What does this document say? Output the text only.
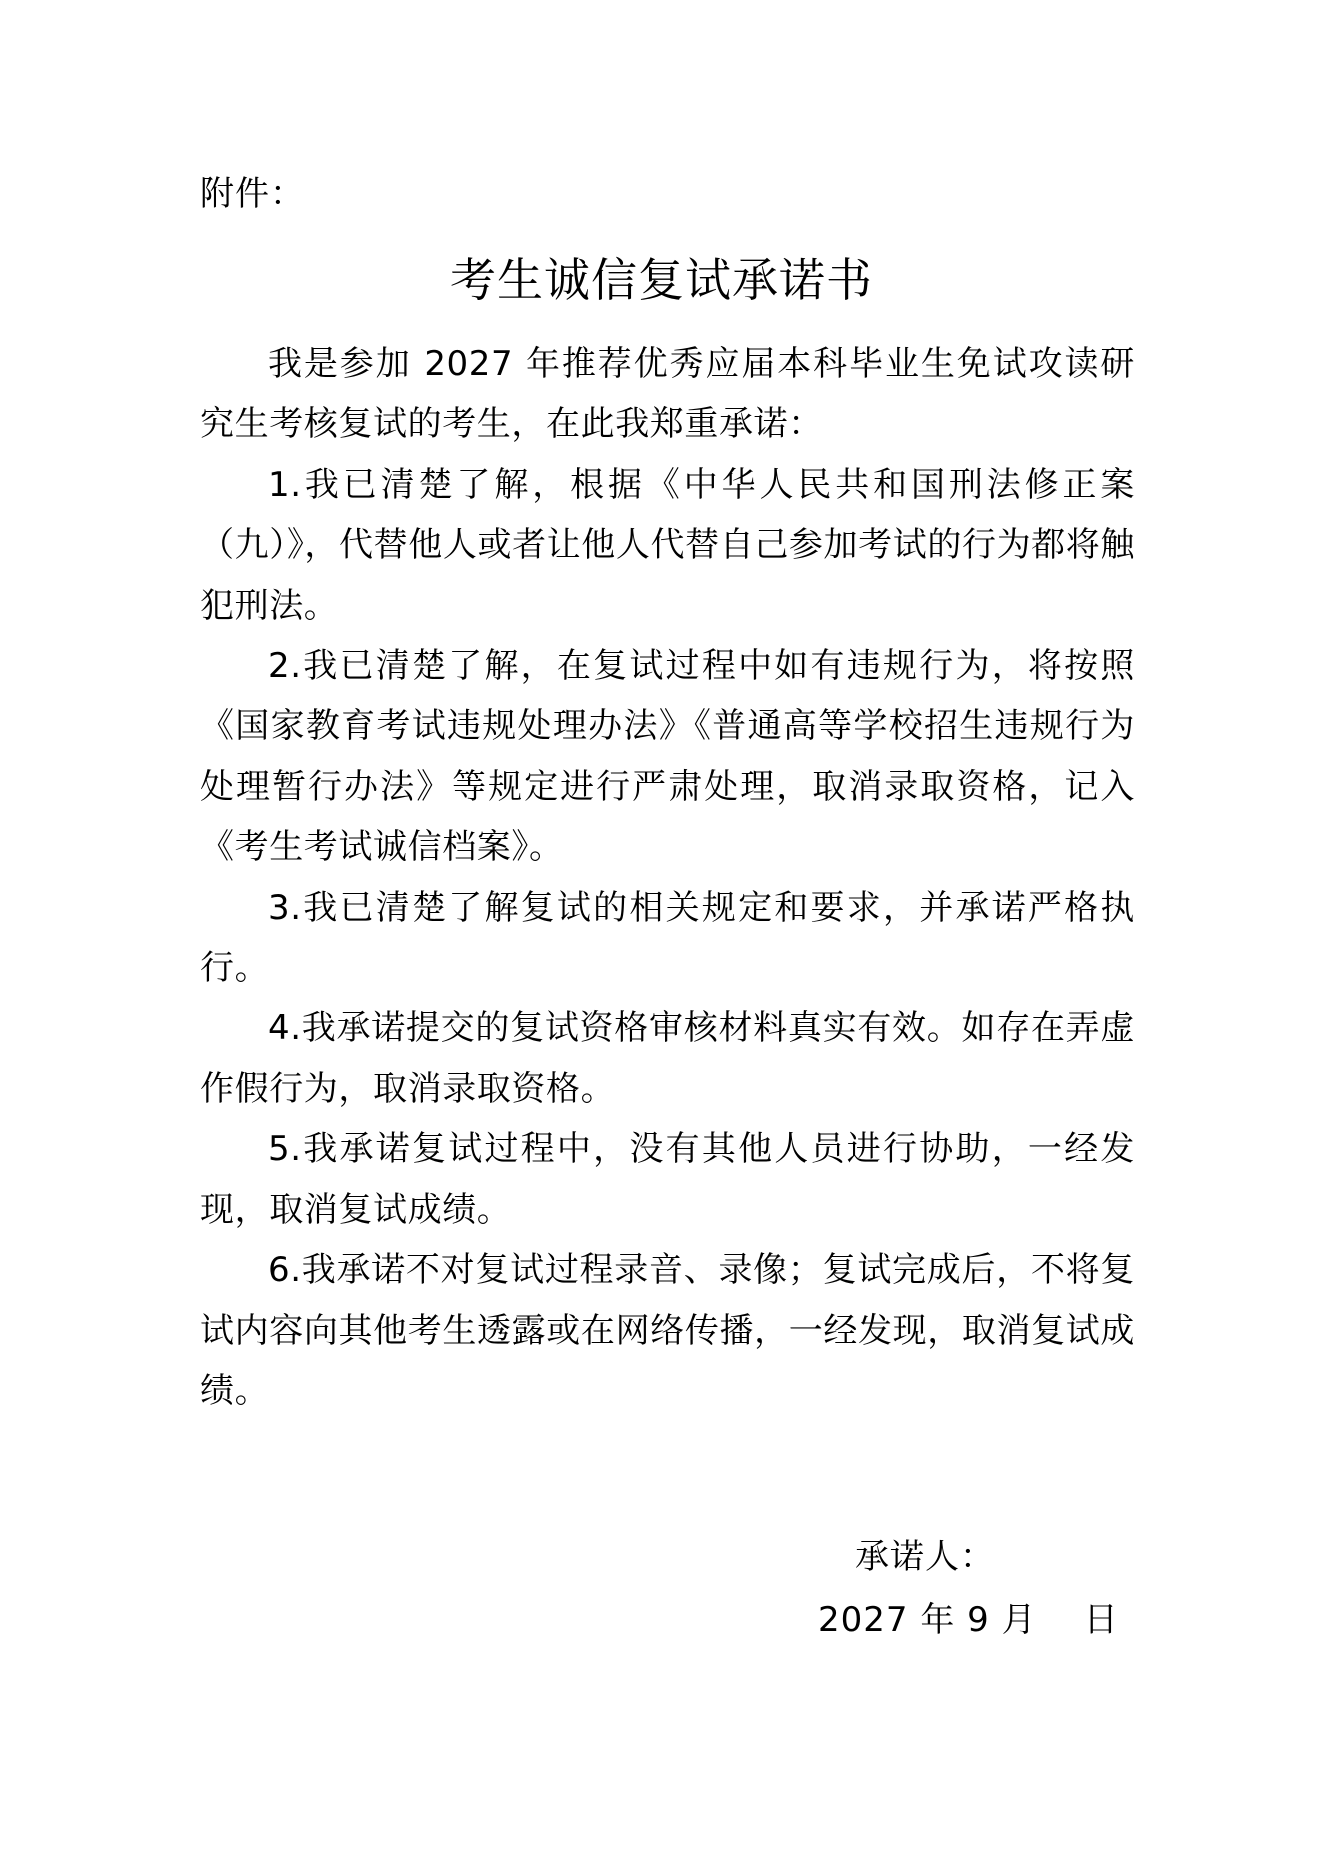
附件：
考生诚信复试承诺书

我是参加 2027 年推荐优秀应届本科毕业生免试攻读研究生考核复试的考生，在此我郑重承诺：

1.我已清楚了解，根据《中华人民共和国刑法修正案（九）》，代替他人或者让他人代替自己参加考试的行为都将触犯刑法。

2.我已清楚了解，在复试过程中如有违规行为，将按照《国家教育考试违规处理办法》《普通高等学校招生违规行为处理暂行办法》等规定进行严肃处理，取消录取资格，记入《考生考试诚信档案》。

3.我已清楚了解复试的相关规定和要求，并承诺严格执行。

4.我承诺提交的复试资格审核材料真实有效。如存在弄虚作假行为，取消录取资格。

5.我承诺复试过程中，没有其他人员进行协助，一经发现，取消复试成绩。

6.我承诺不对复试过程录音、录像；复试完成后，不将复试内容向其他考生透露或在网络传播，一经发现，取消复试成绩。

承诺人：
2027 年 9 月    日
